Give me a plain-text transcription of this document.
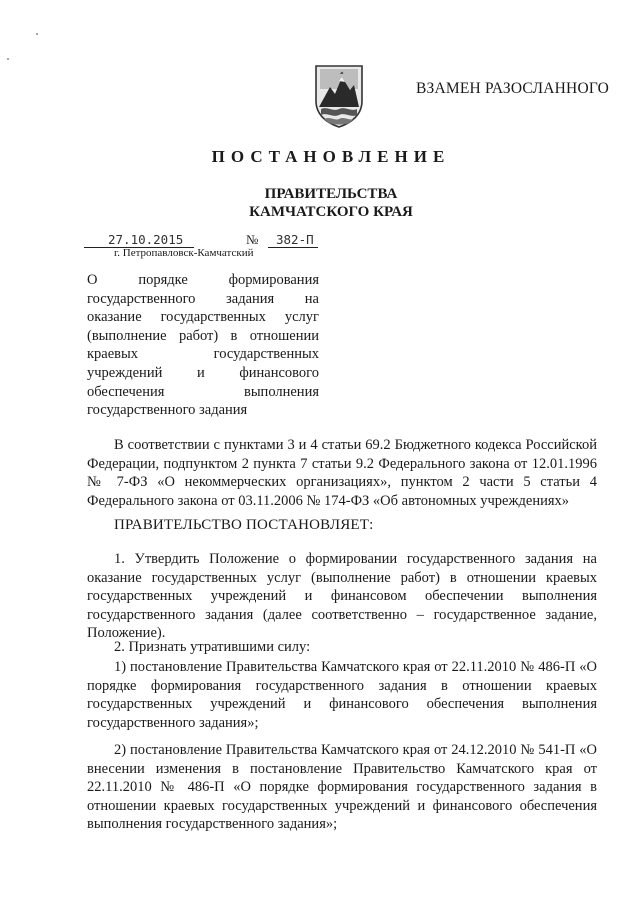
ВЗАМЕН РАЗОСЛАННОГО
ПОСТАНОВЛЕНИЕ
ПРАВИТЕЛЬСТВА
КАМЧАТСКОГО КРАЯ
27.10.2015	№ 382-П
г. Петропавловск-Камчатский
О порядке формирования государственного задания на оказание государственных услуг (выполнение работ) в отношении краевых государственных учреждений и финансового обеспечения выполнения государственного задания
В соответствии с пунктами 3 и 4 статьи 69.2 Бюджетного кодекса Российской Федерации, подпунктом 2 пункта 7 статьи 9.2 Федерального закона от 12.01.1996 № 7-ФЗ «О некоммерческих организациях», пунктом 2 части 5 статьи 4 Федерального закона от 03.11.2006 № 174-ФЗ «Об автономных учреждениях»
ПРАВИТЕЛЬСТВО ПОСТАНОВЛЯЕТ:
1. Утвердить Положение о формировании государственного задания на оказание государственных услуг (выполнение работ) в отношении краевых государственных учреждений и финансовом обеспечении выполнения государственного задания (далее соответственно – государственное задание, Положение).
2. Признать утратившими силу:
1) постановление Правительства Камчатского края от 22.11.2010 № 486-П «О порядке формирования государственного задания в отношении краевых государственных учреждений и финансового обеспечения выполнения государственного задания»;
2) постановление Правительства Камчатского края от 24.12.2010 № 541-П «О внесении изменения в постановление Правительство Камчатского края от 22.11.2010 № 486-П «О порядке формирования государственного задания в отношении краевых государственных учреждений и финансового обеспечения выполнения государственного задания»;
